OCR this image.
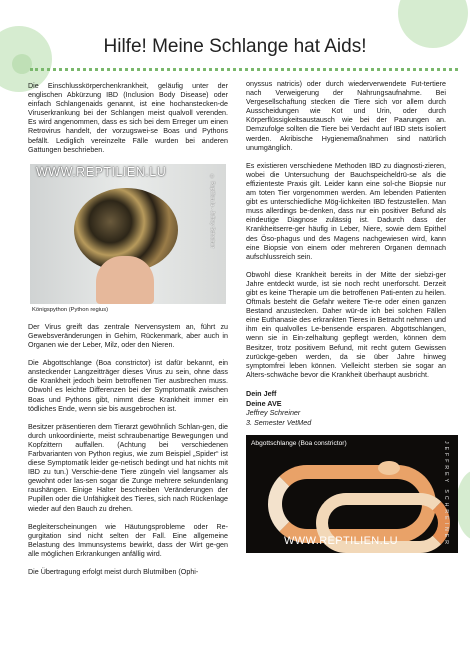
Hilfe! Meine Schlange hat Aids!

Die Einschlusskörperchenkrankheit, geläufig unter der englischen Abkürzung IBD (Inclusion Body Disease) oder einfach Schlangenaids genannt, ist eine hochanstecken-de Viruserkrankung bei der Schlangen meist qualvoll verenden. Es wird angenommen, dass es sich bei dem Erreger um einen Retrovirus handelt, der vorzugswei-se Boas und Pythons befällt. Lediglich vereinzelte Fälle wurden bei anderen Gattungen beschrieben.

WWW.REPTILIEN.LU
© Reptilien.lu - Jeffrey Schreiner
Königspython (Python regius)

Der Virus greift das zentrale Nervensystem an, führt zu Gewebsveränderungen in Gehirn, Rückenmark, aber auch in Organen wie der Leber, Milz, oder den Nieren.

Die Abgottschlange (Boa constrictor) ist dafür bekannt, ein ansteckender Langzeitträger dieses Virus zu sein, ohne dass die Krankheit jedoch beim betroffenen Tier ausbrechen muss. Obwohl es leichte Differenzen bei der Symptomatik zwischen Boas und Pythons gibt, nimmt diese Krankheit immer ein tödliches Ende, wenn sie bis ausgebrochen ist.

Besitzer präsentieren dem Tierarzt gewöhnlich Schlan-gen, die durch unkoordinierte, meist schraubenartige Bewegungen und Kopfzittern auffallen. (Achtung bei verschiedenen Farbvarianten von Python regius, wie zum Beispiel „Spider“ ist diese Symptomatik leider ge-netisch bedingt und hat nichts mit IBD zu tun.) Verschie-dene Tiere züngeln viel langsamer als gewohnt oder las-sen sogar die Zunge mehrere sekundenlang raushängen. Einige Halter beschreiben Veränderungen der Pupillen oder die Unfähigkeit des Tieres, sich nach Rückenlage wieder auf den Bauch zu drehen.

Begleiterscheinungen wie Häutungsprobleme oder Re-gurgitation sind nicht selten der Fall. Eine allgemeine Belastung des Immunsystems bewirkt, dass der Wirt ge-gen alle möglichen Erkrankungen anfällig wird.

Die Übertragung erfolgt meist durch Blutmilben (Ophi-

onyssus natricis) oder durch wiederverwendete Fut-tertiere nach Verweigerung der Nahrungsaufnahme. Bei Vergesellschaftung stecken die Tiere sich vor allem durch Ausscheidungen wie Kot und Urin, oder durch Körperflüssigkeitsaustausch wie bei der Paarungen an. Demzufolge sollten die Tiere bei Verdacht auf IBD stets isoliert werden. Akribische Hygienemaßnahmen sind natürlich unumgänglich.

Es existieren verschiedene Methoden IBD zu diagnosti-zieren, wobei die Untersuchung der Bauchspeicheldrü-se als die effizienteste Praxis gilt. Leider kann eine sol-che Biopsie nur am toten Tier vorgenommen werden. Am lebenden Patienten gibt es unterschiedliche Mög-lichkeiten IBD festzustellen. Man muss allerdings be-denken, dass nur ein positiver Befund als eindeutige Diagnose zulässig ist. Dadurch dass der Krankheitserre-ger häufig in Leber, Niere, sowie dem Epithel des Öso-phagus und des Magens nachgewiesen wird, kann eine Biopsie von einem oder mehreren Organen demnach aufschlussreich sein.

Obwohl diese Krankheit bereits in der Mitte der siebzi-ger Jahre entdeckt wurde, ist sie noch recht unerforscht. Derzeit gibt es keine Therapie um die betroffenen Pati-enten zu heilen. Oftmals besteht die Gefahr weitere Tie-re oder einen ganzen Bestand anzustecken. Daher wür-de ich bei solchen Fällen eine Euthanasie des erkrankten Tieres in Betracht nehmen und ihm ein qualvolles Le-bensende ersparen. Abgottschlangen, wenn sie in Ein-zelhaltung gepflegt werden, können dem Besitzer, trotz positivem Befund, mit recht gutem Gewissen zurückge-geben werden, da sie über Jahre hinweg symptomfrei leben können. Vielleicht sterben sie sogar an Alters-schwäche bevor die Krankheit überhaupt ausbricht.

Dein Jeff
Deine AVE
Jeffrey Schreiner
3. Semester VetMed
Abgottschlange (Boa constrictor)
WWW.REPTILIEN.LU	JEFFREY SCHREINER
